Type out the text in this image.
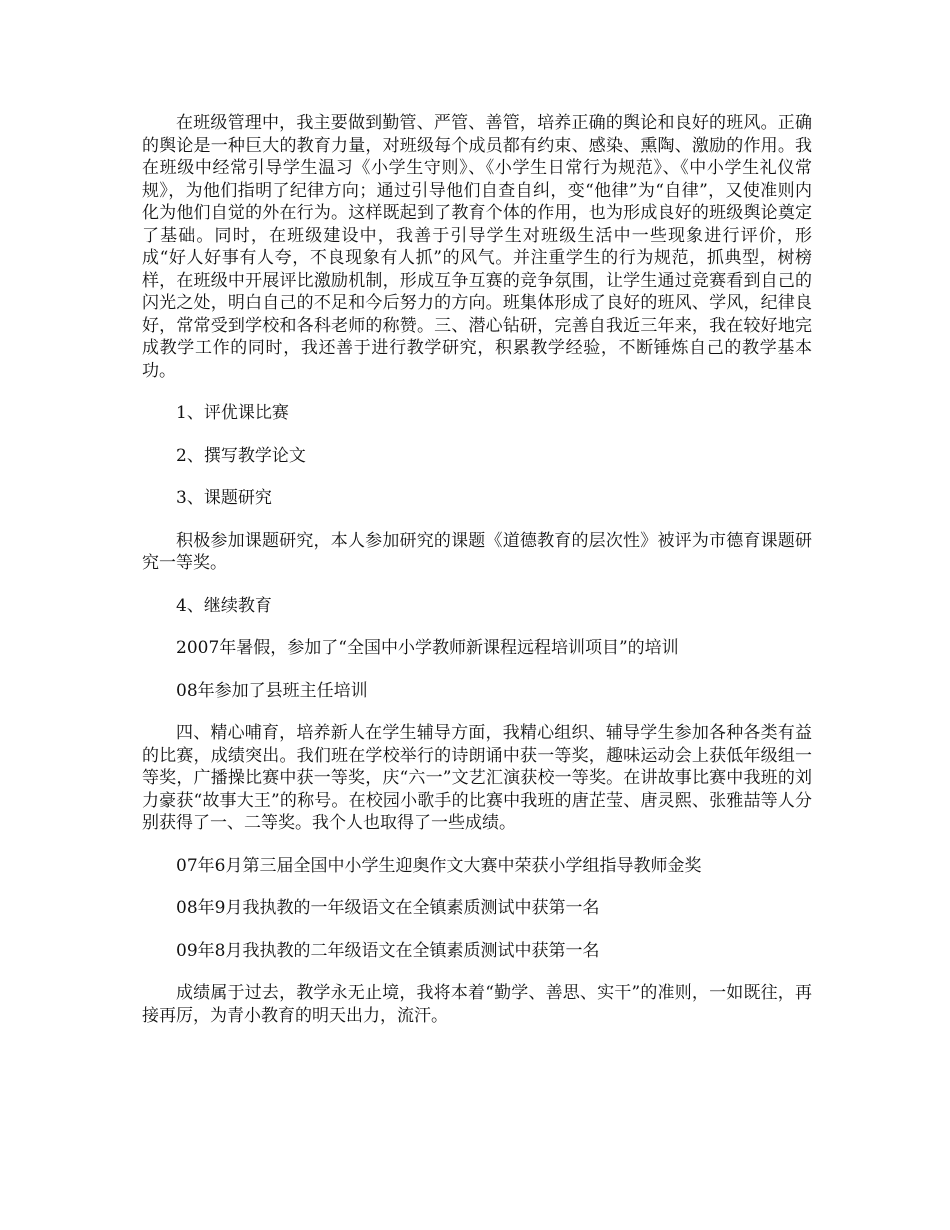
在班级管理中，我主要做到勤管、严管、善管，培养正确的舆论和良好的班风。正确的舆论是一种巨大的教育力量，对班级每个成员都有约束、感染、熏陶、激励的作用。我在班级中经常引导学生温习《小学生守则》、《小学生日常行为规范》、《中小学生礼仪常规》，为他们指明了纪律方向；通过引导他们自查自纠，变“他律”为“自律”，又使准则内化为他们自觉的外在行为。这样既起到了教育个体的作用，也为形成良好的班级舆论奠定了基础。同时，在班级建设中，我善于引导学生对班级生活中一些现象进行评价，形成“好人好事有人夸，不良现象有人抓”的风气。并注重学生的行为规范，抓典型，树榜样，在班级中开展评比激励机制，形成互争互赛的竞争氛围，让学生通过竞赛看到自己的闪光之处，明白自己的不足和今后努力的方向。班集体形成了良好的班风、学风，纪律良好，常常受到学校和各科老师的称赞。三、潜心钻研，完善自我近三年来，我在较好地完成教学工作的同时，我还善于进行教学研究，积累教学经验，不断锤炼自己的教学基本功。

1、评优课比赛

2、撰写教学论文

3、课题研究

积极参加课题研究，本人参加研究的课题《道德教育的层次性》被评为市德育课题研究一等奖。

4、继续教育

2007年暑假，参加了“全国中小学教师新课程远程培训项目”的培训

08年参加了县班主任培训

四、精心哺育，培养新人在学生辅导方面，我精心组织、辅导学生参加各种各类有益的比赛，成绩突出。我们班在学校举行的诗朗诵中获一等奖，趣味运动会上获低年级组一等奖，广播操比赛中获一等奖，庆“六一”文艺汇演获校一等奖。在讲故事比赛中我班的刘力豪获“故事大王”的称号。在校园小歌手的比赛中我班的唐芷莹、唐灵熙、张雅喆等人分别获得了一、二等奖。我个人也取得了一些成绩。

07年6月第三届全国中小学生迎奥作文大赛中荣获小学组指导教师金奖

08年9月我执教的一年级语文在全镇素质测试中获第一名

09年8月我执教的二年级语文在全镇素质测试中获第一名

成绩属于过去，教学永无止境，我将本着“勤学、善思、实干”的准则，一如既往，再接再厉，为青小教育的明天出力，流汗。
